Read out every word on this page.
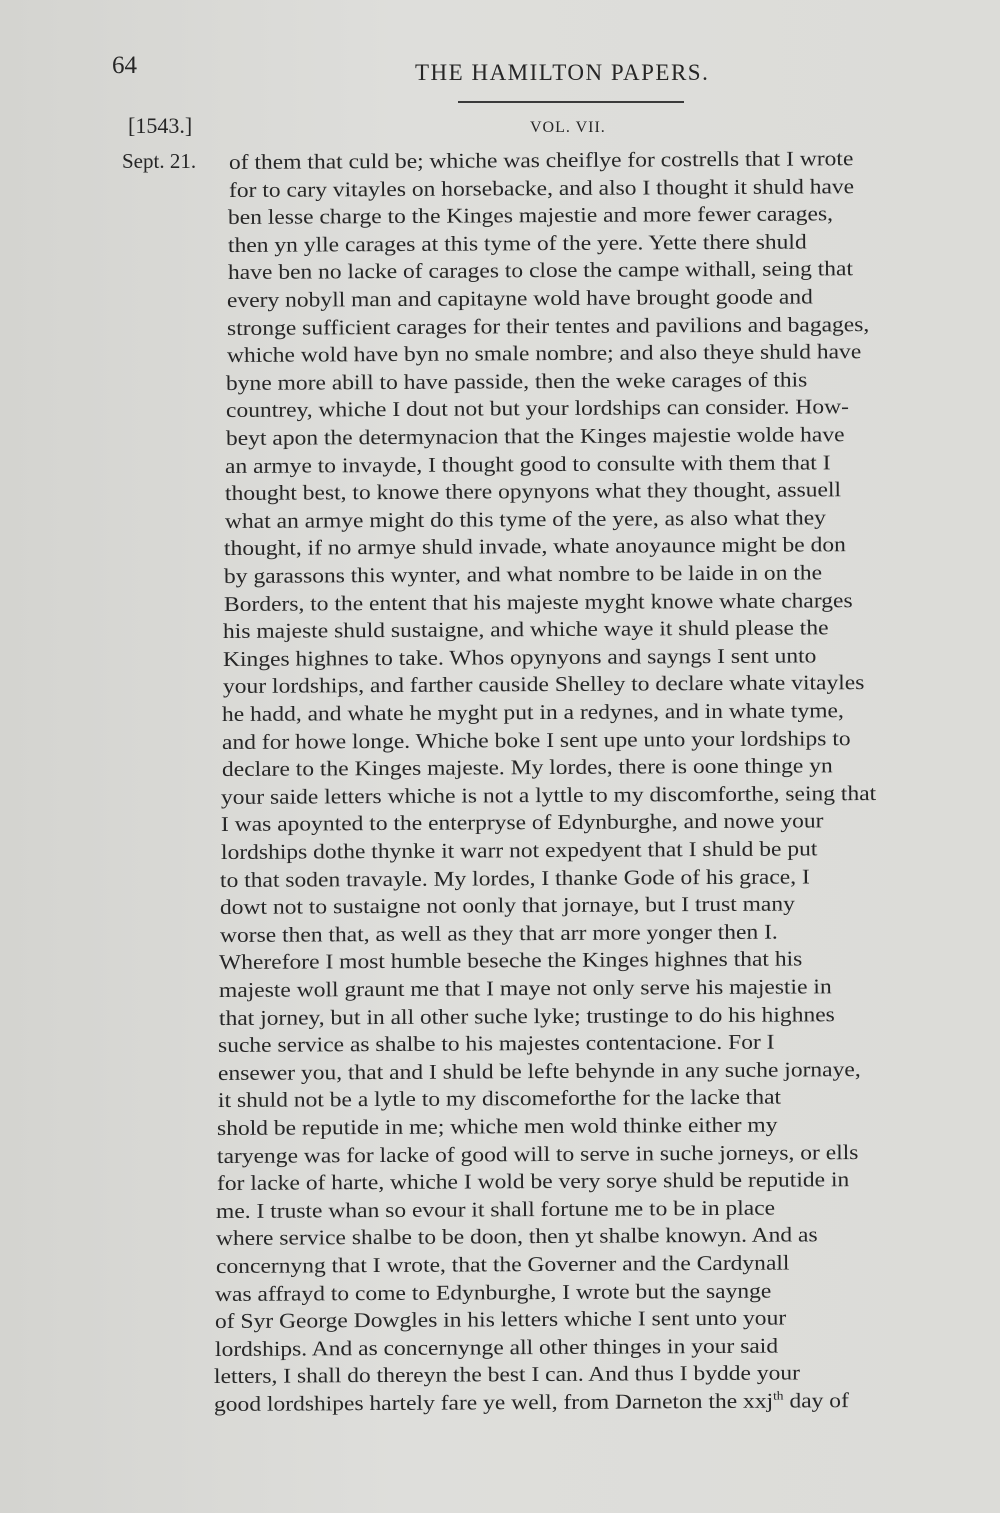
64	THE HAMILTON PAPERS.
[1543.]	VOL. VII.
Sept. 21. of them that culd be; whiche was cheiflye for costrells that I wrote
for to cary vitayles on horsebacke, and also I thought it shuld have
ben lesse charge to the Kinges majestie and more fewer carages,
then yn ylle carages at this tyme of the yere. Yette there shuld
have ben no lacke of carages to close the campe withall, seing that
every nobyll man and capitayne wold have brought goode and
stronge sufficient carages for their tentes and pavilions and bagages,
whiche wold have byn no smale nombre; and also theye shuld have
byne more abill to have passide, then the weke carages of this
countrey, whiche I dout not but your lordships can consider. How-
beyt apon the determynacion that the Kinges majestie wolde have
an armye to invayde, I thought good to consulte with them that I
thought best, to knowe there opynyons what they thought, assuell
what an armye might do this tyme of the yere, as also what they
thought, if no armye shuld invade, whate anoyaunce might be don
by garassons this wynter, and what nombre to be laide in on the
Borders, to the entent that his majeste myght knowe whate charges
his majeste shuld sustaigne, and whiche waye it shuld please the
Kinges highnes to take. Whos opynyons and sayngs I sent unto
your lordships, and farther causide Shelley to declare whate vitayles
he hadd, and whate he myght put in a redynes, and in whate tyme,
and for howe longe. Whiche boke I sent upe unto your lordships to
declare to the Kinges majeste. My lordes, there is oone thinge yn
your saide letters whiche is not a lyttle to my discomforthe, seing that
I was apoynted to the enterpryse of Edynburghe, and nowe your
lordships dothe thynke it warr not expedyent that I shuld be put
to that soden travayle. My lordes, I thanke Gode of his grace, I
dowt not to sustaigne not oonly that jornaye, but I trust many
worse then that, as well as they that arr more yonger then I.
Wherefore I most humble beseche the Kinges highnes that his
majeste woll graunt me that I maye not only serve his majestie in
that jorney, but in all other suche lyke; trustinge to do his highnes
suche service as shalbe to his majestes contentacione. For I
ensewer you, that and I shuld be lefte behynde in any suche jornaye,
it shuld not be a lytle to my discomeforthe for the lacke that
shold be reputide in me; whiche men wold thinke either my
taryenge was for lacke of good will to serve in suche jorneys, or ells
for lacke of harte, whiche I wold be very sorye shuld be reputide in
me. I truste whan so evour it shall fortune me to be in place
where service shalbe to be doon, then yt shalbe knowyn. And as
concernyng that I wrote, that the Governer and the Cardynall
was affrayd to come to Edynburghe, I wrote but the saynge
of Syr George Dowgles in his letters whiche I sent unto your
lordships. And as concernynge all other thinges in your said
letters, I shall do thereyn the best I can. And thus I bydde your
good lordshipes hartely fare ye well, from Darneton the xxj$^{th}$ day of
